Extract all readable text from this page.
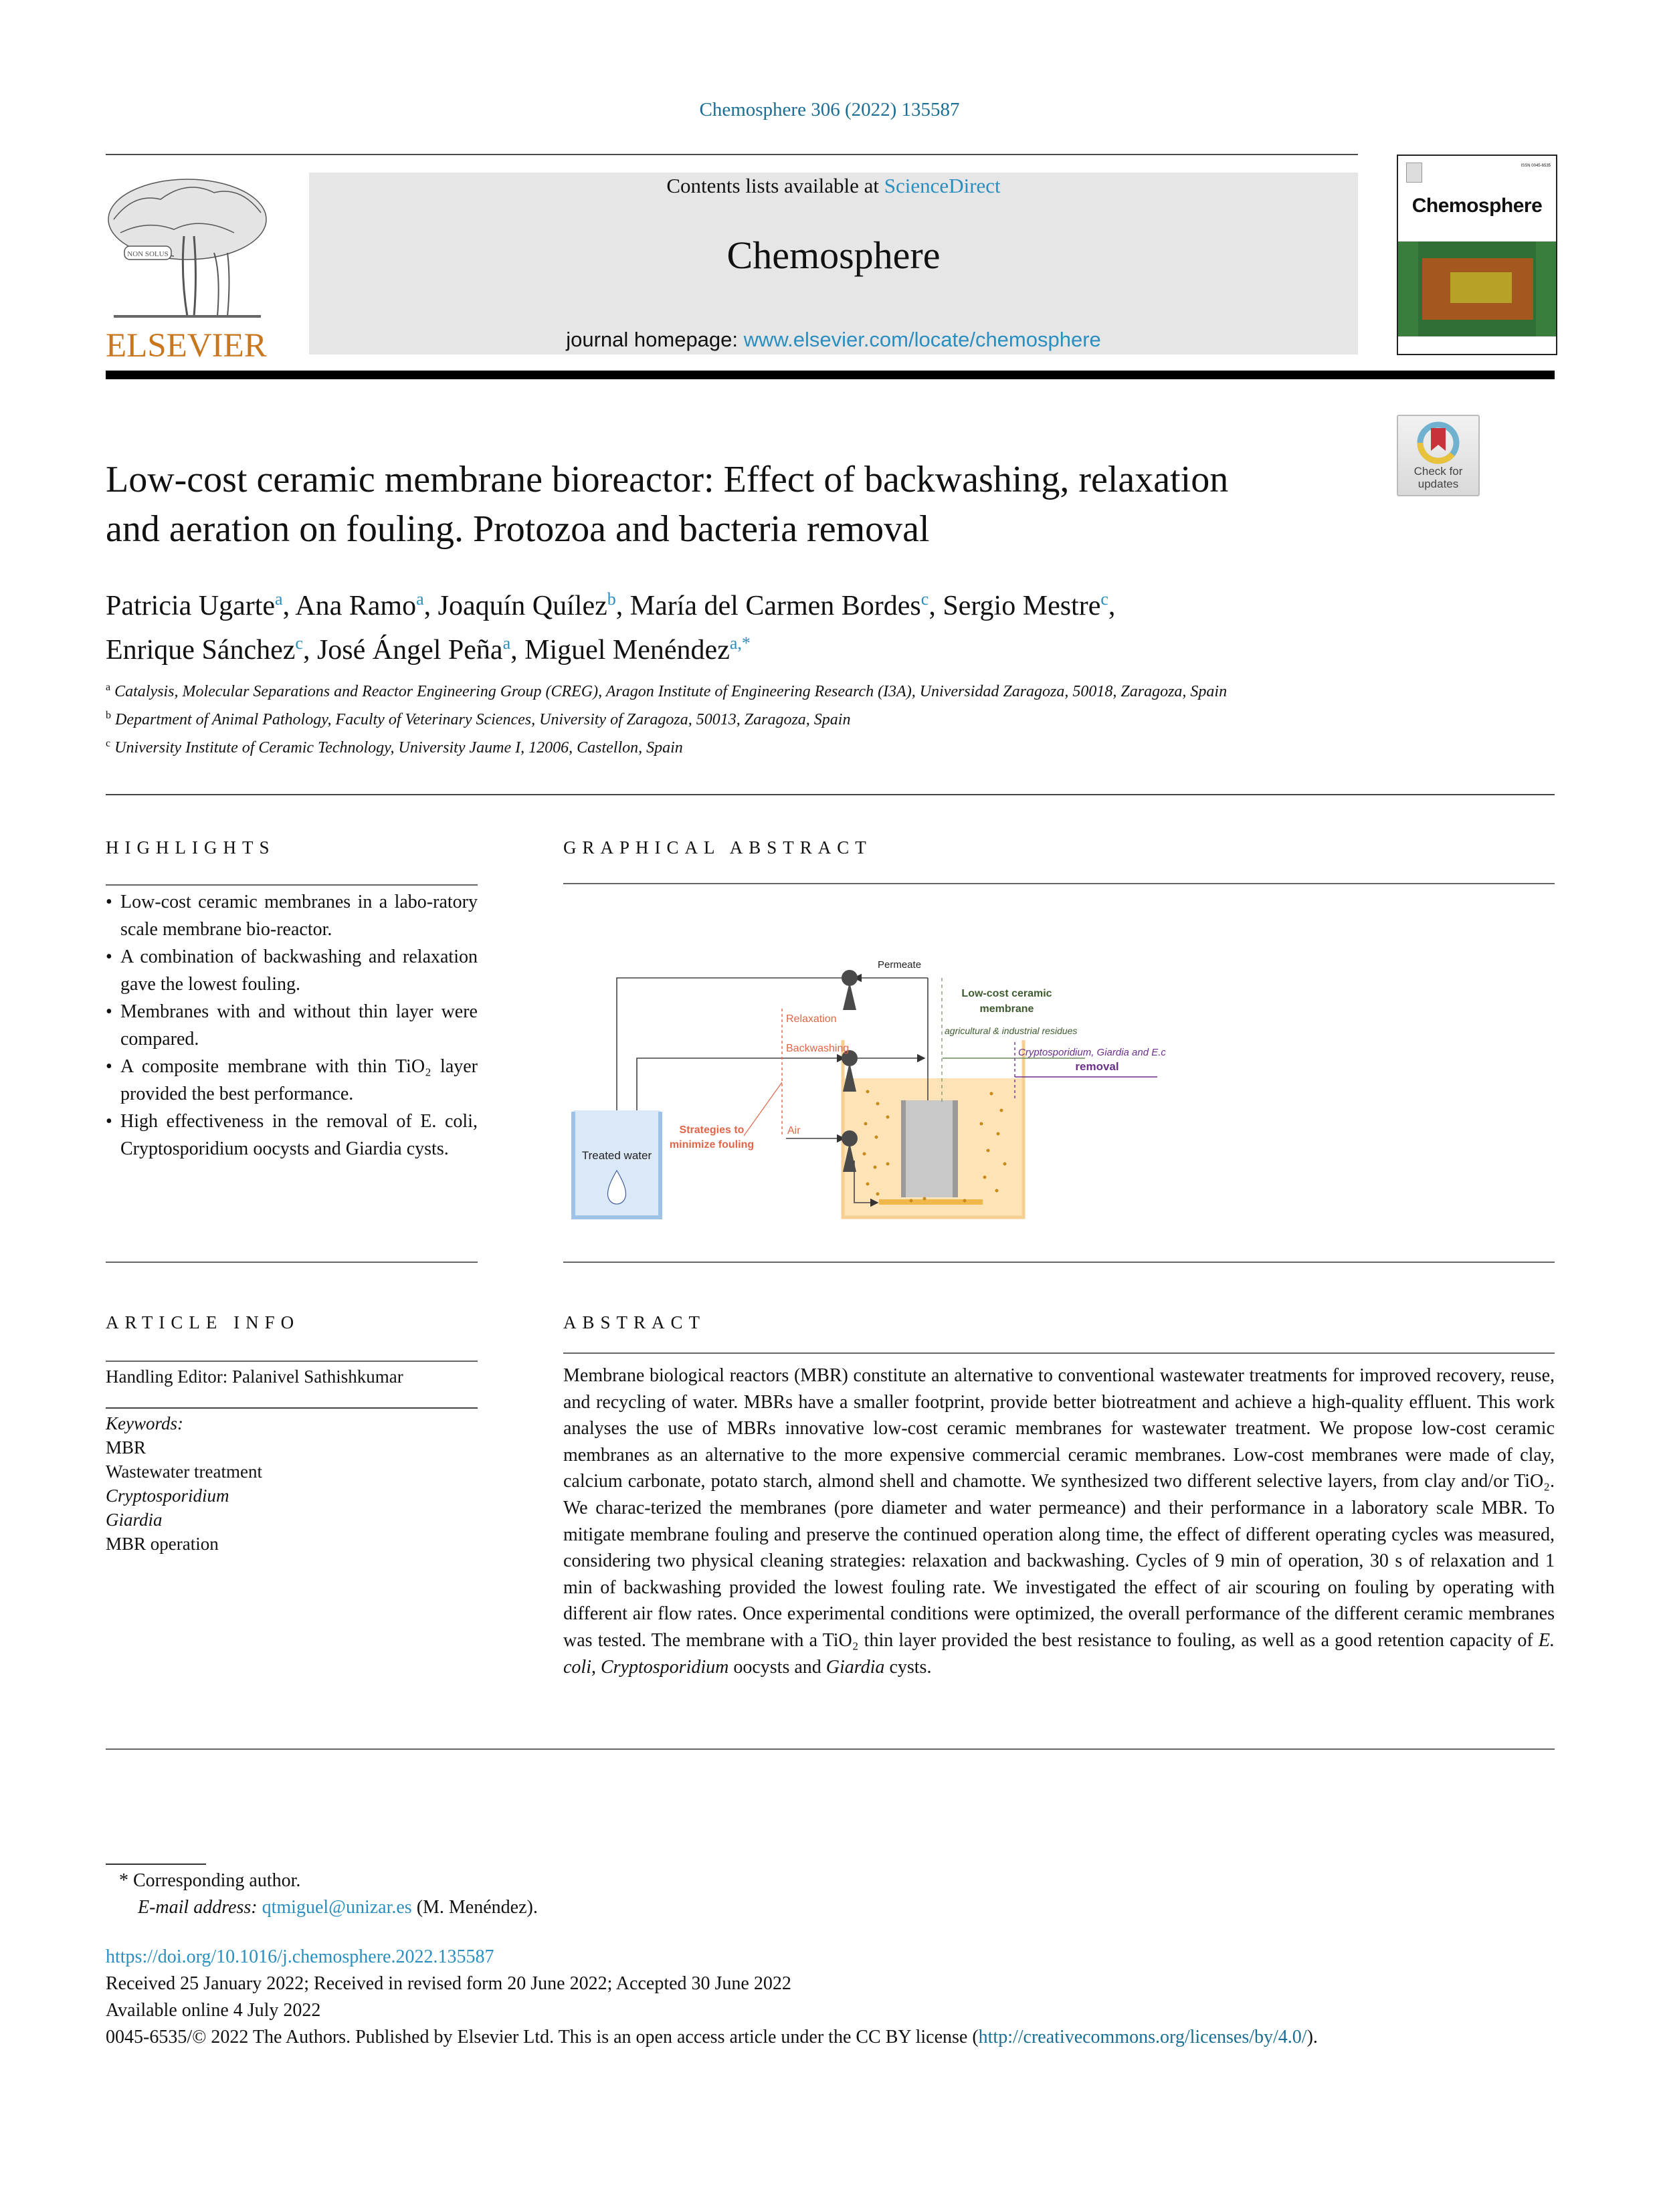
Chemosphere 306 (2022) 135587
NON SOLUS
ELSEVIER
Contents lists available at ScienceDirect
Chemosphere
journal homepage: www.elsevier.com/locate/chemosphere
ISSN 0045-6535
Chemosphere
Low-cost ceramic membrane bioreactor: Effect of backwashing, relaxation
and aeration on fouling. Protozoa and bacteria removal
Check for
updates
Patricia Ugarte$^a$, Ana Ramo$^a$, Joaquín Quílez$^b$, María del Carmen Bordes$^c$, Sergio Mestre$^c$,
Enrique Sánchez$^c$, José Ángel Peña$^a$, Miguel Menéndez$^{a,*}$
$^a$ Catalysis, Molecular Separations and Reactor Engineering Group (CREG), Aragon Institute of Engineering Research (I3A), Universidad Zaragoza, 50018, Zaragoza, Spain
$^b$ Department of Animal Pathology, Faculty of Veterinary Sciences, University of Zaragoza, 50013, Zaragoza, Spain
$^c$ University Institute of Ceramic Technology, University Jaume I, 12006, Castellon, Spain
HIGHLIGHTS
• Low-cost ceramic membranes in a labo-ratory scale membrane bio-reactor.
• A combination of backwashing and relaxation gave the lowest fouling.
• Membranes with and without thin layer were compared.
• A composite membrane with thin TiO₂ layer provided the best performance.
• High effectiveness in the removal of E. coli, Cryptosporidium oocysts and Giardia cysts.
GRAPHICAL ABSTRACT
Treated water
Permeate
Relaxation
Backwashing
Air
Strategies to
minimize fouling
Low-cost ceramic
membrane
agricultural & industrial residues
Cryptosporidium, Giardia and E.coli
removal
ARTICLE INFO
Handling Editor: Palanivel Sathishkumar
Keywords:
MBR
Wastewater treatment
Cryptosporidium
Giardia
MBR operation
ABSTRACT
Membrane biological reactors (MBR) constitute an alternative to conventional wastewater treatments for improved recovery, reuse, and recycling of water. MBRs have a smaller footprint, provide better biotreatment and achieve a high-quality effluent. This work analyses the use of MBRs innovative low-cost ceramic membranes for wastewater treatment. We propose low-cost ceramic membranes as an alternative to the more expensive commercial ceramic membranes. Low-cost membranes were made of clay, calcium carbonate, potato starch, almond shell and chamotte. We synthesized two different selective layers, from clay and/or TiO₂. We charac-terized the membranes (pore diameter and water permeance) and their performance in a laboratory scale MBR. To mitigate membrane fouling and preserve the continued operation along time, the effect of different operating cycles was measured, considering two physical cleaning strategies: relaxation and backwashing. Cycles of 9 min of operation, 30 s of relaxation and 1 min of backwashing provided the lowest fouling rate. We investigated the effect of air scouring on fouling by operating with different air flow rates. Once experimental conditions were optimized, the overall performance of the different ceramic membranes was tested. The membrane with a TiO₂ thin layer provided the best resistance to fouling, as well as a good retention capacity of E. coli, Cryptosporidium oocysts and Giardia cysts.
* Corresponding author.
E-mail address: qtmiguel@unizar.es (M. Menéndez).
https://doi.org/10.1016/j.chemosphere.2022.135587
Received 25 January 2022; Received in revised form 20 June 2022; Accepted 30 June 2022
Available online 4 July 2022
0045-6535/© 2022 The Authors. Published by Elsevier Ltd. This is an open access article under the CC BY license (http://creativecommons.org/licenses/by/4.0/).
